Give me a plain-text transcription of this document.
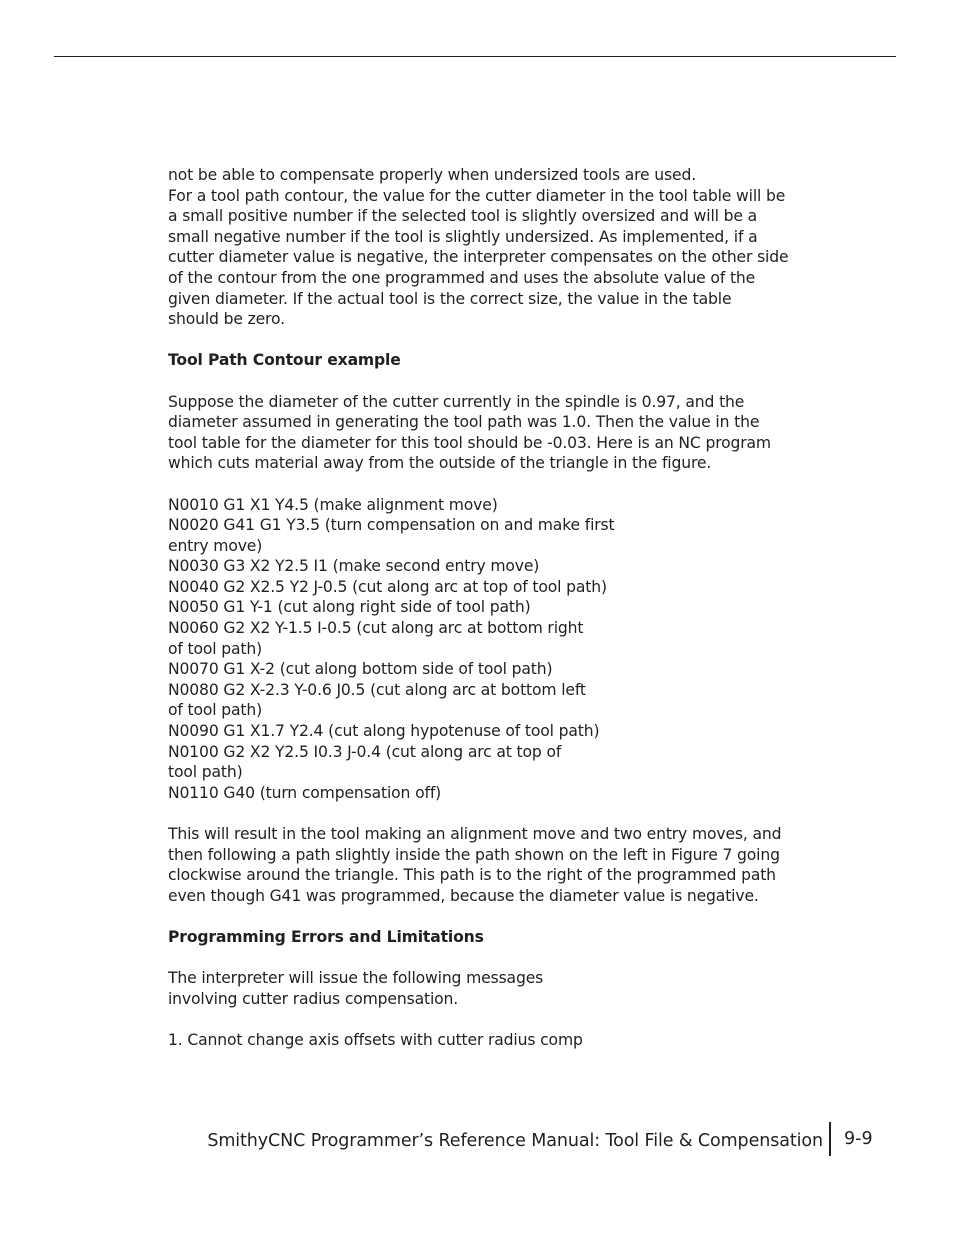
not be able to compensate properly when undersized tools are used.
For a tool path contour, the value for the cutter diameter in the tool table will be
a small positive number if the selected tool is slightly oversized and will be a
small negative number if the tool is slightly undersized. As implemented, if a
cutter diameter value is negative, the interpreter compensates on the other side
of the contour from the one programmed and uses the absolute value of the
given diameter. If the actual tool is the correct size, the value in the table
should be zero.
Tool Path Contour example
Suppose the diameter of the cutter currently in the spindle is 0.97, and the
diameter assumed in generating the tool path was 1.0. Then the value in the
tool table for the diameter for this tool should be -0.03. Here is an NC program
which cuts material away from the outside of the triangle in the figure.
N0010 G1 X1 Y4.5 (make alignment move)
N0020 G41 G1 Y3.5 (turn compensation on and make first
entry move)
N0030 G3 X2 Y2.5 I1 (make second entry move)
N0040 G2 X2.5 Y2 J-0.5 (cut along arc at top of tool path)
N0050 G1 Y-1 (cut along right side of tool path)
N0060 G2 X2 Y-1.5 I-0.5 (cut along arc at bottom right
of tool path)
N0070 G1 X-2 (cut along bottom side of tool path)
N0080 G2 X-2.3 Y-0.6 J0.5 (cut along arc at bottom left
of tool path)
N0090 G1 X1.7 Y2.4 (cut along hypotenuse of tool path)
N0100 G2 X2 Y2.5 I0.3 J-0.4 (cut along arc at top of
tool path)
N0110 G40 (turn compensation off)
This will result in the tool making an alignment move and two entry moves, and
then following a path slightly inside the path shown on the left in Figure 7 going
clockwise around the triangle. This path is to the right of the programmed path
even though G41 was programmed, because the diameter value is negative.
Programming Errors and Limitations
The interpreter will issue the following messages
involving cutter radius compensation.
1. Cannot change axis offsets with cutter radius comp
SmithyCNC Programmer’s Reference Manual: Tool File & Compensation 9-9
